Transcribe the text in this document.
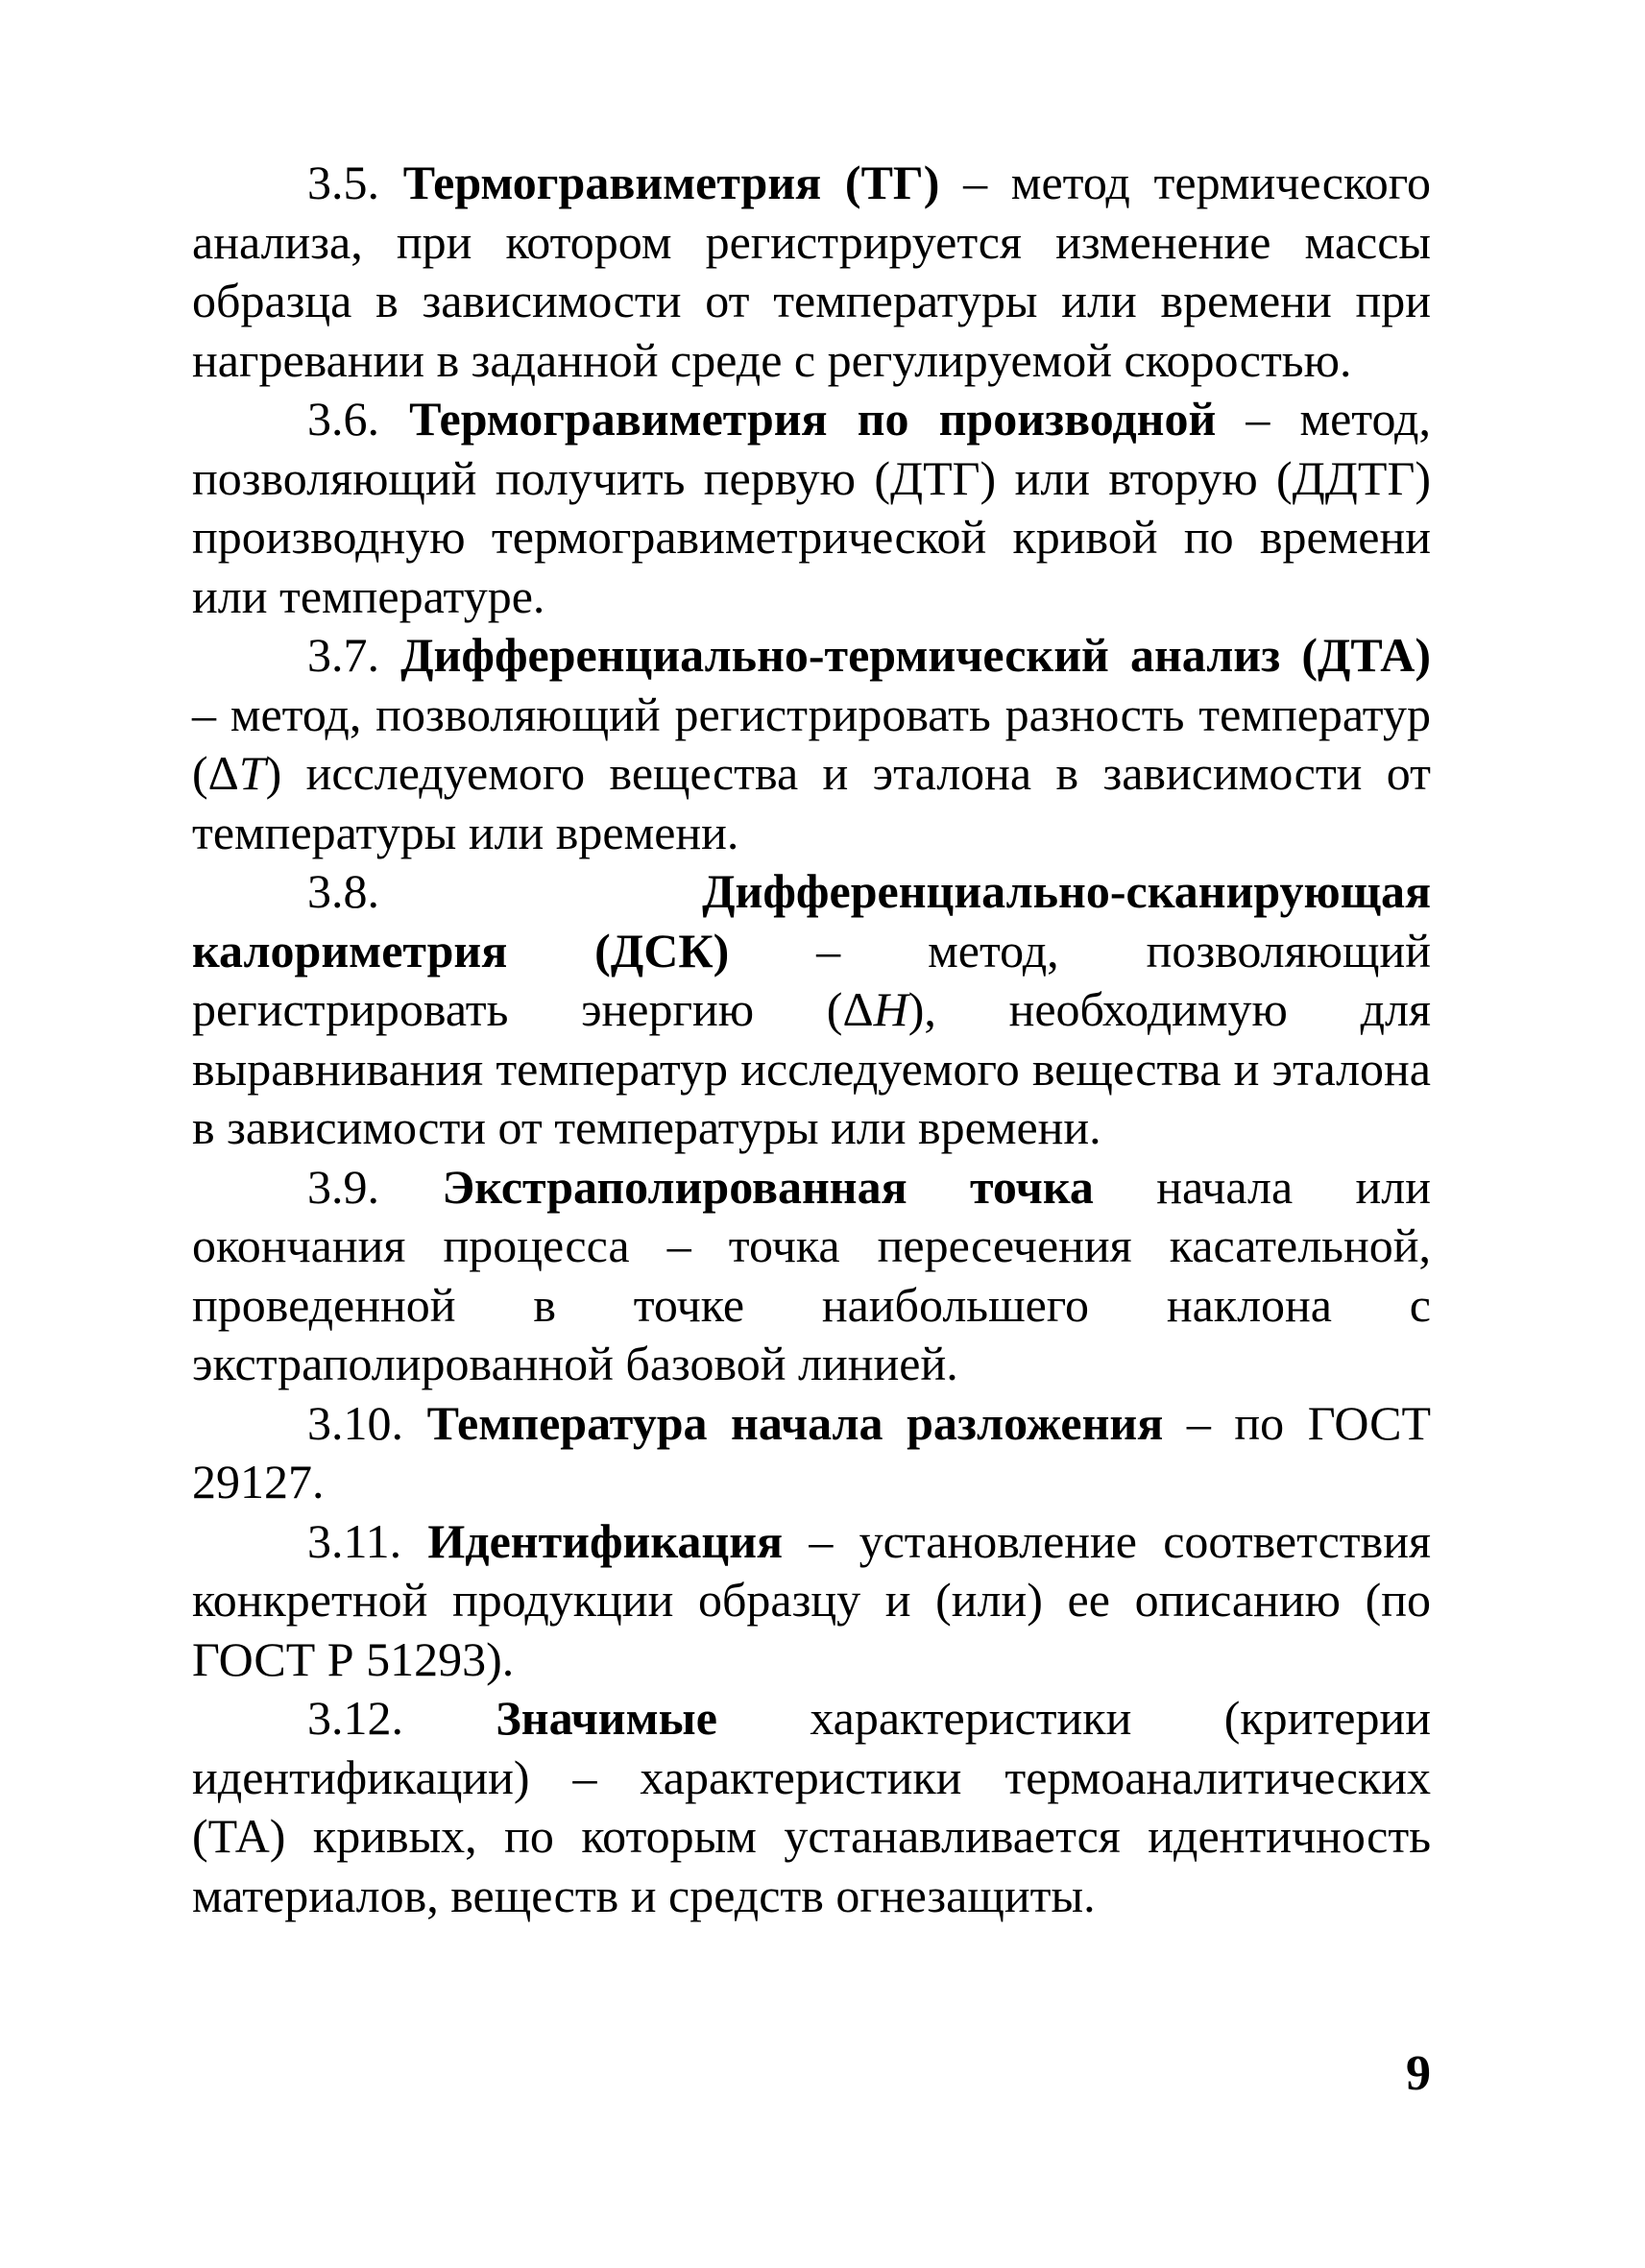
3.5. Термогравиметрия (ТГ) – метод термического анализа, при котором регистрируется изменение массы образца в зависимости от температуры или времени при нагревании в заданной среде с регулируемой скоростью.

3.6. Термогравиметрия по производной – метод, позволяющий получить первую (ДТГ) или вторую (ДДТГ) производную термогравиметрической кривой по времени или температуре.

3.7. Дифференциально-термический анализ (ДТА) – метод, позволяющий регистрировать разность температур (ΔT) исследуемого вещества и эталона в зависимости от температуры или времени.

3.8.	Дифференциально-сканирующая калориметрия (ДСК) – метод, позволяющий регистрировать энергию (ΔH), необходимую для выравнивания температур исследуемого вещества и эталона в зависимости от температуры или времени.

3.9. Экстраполированная точка начала или окончания процесса – точка пересечения касательной, проведенной в точке наибольшего наклона с экстраполированной базовой линией.

3.10. Температура начала разложения – по ГОСТ 29127.

3.11. Идентификация – установление соответствия конкретной продукции образцу и (или) ее описанию (по ГОСТ Р 51293).

3.12. Значимые характеристики (критерии идентификации) – характеристики термоаналитических (ТА) кривых, по которым устанавливается идентичность материалов, веществ и средств огнезащиты.

9
